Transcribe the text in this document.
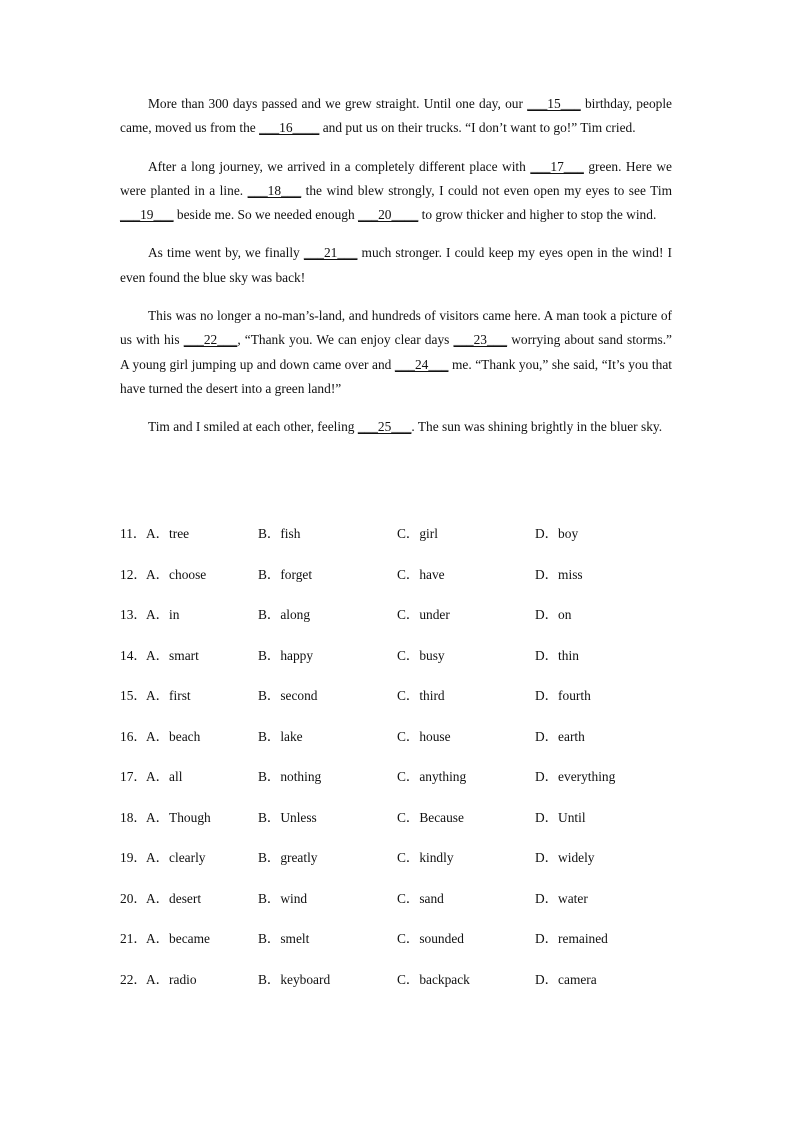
More than 300 days passed and we grew straight. Until one day, our ___15___ birthday, people came, moved us from the ___16____ and put us on their trucks. “I don’t want to go!” Tim cried.

After a long journey, we arrived in a completely different place with ___17___ green. Here we were planted in a line. ___18___ the wind blew strongly, I could not even open my eyes to see Tim ___19___ beside me. So we needed enough ___20____ to grow thicker and higher to stop the wind.

As time went by, we finally ___21___ much stronger. I could keep my eyes open in the wind! I even found the blue sky was back!

This was no longer a no-man’s-land, and hundreds of visitors came here. A man took a picture of us with his ___22___, “Thank you. We can enjoy clear days ___23___ worrying about sand storms.” A young girl jumping up and down came over and ___24___ me. “Thank you,” she said, “It’s you that have turned the desert into a green land!”

Tim and I smiled at each other, feeling ___25___. The sun was shining brightly in the bluer sky.

11． A．tree	B．fish	C．girl	D．boy
12． A．choose	B．forget	C．have	D．miss
13． A．in	B．along	C．under	D．on
14． A．smart	B．happy	C．busy	D．thin
15． A．first	B．second	C．third	D．fourth
16． A．beach	B．lake	C．house	D．earth
17． A．all	B．nothing	C．anything	D．everything
18． A．Though	B．Unless	C．Because	D．Until
19． A．clearly	B．greatly	C．kindly	D．widely
20． A．desert	B．wind	C．sand	D．water
21． A．became	B．smelt	C．sounded	D．remained
22． A．radio	B．keyboard	C．backpack	D．camera
